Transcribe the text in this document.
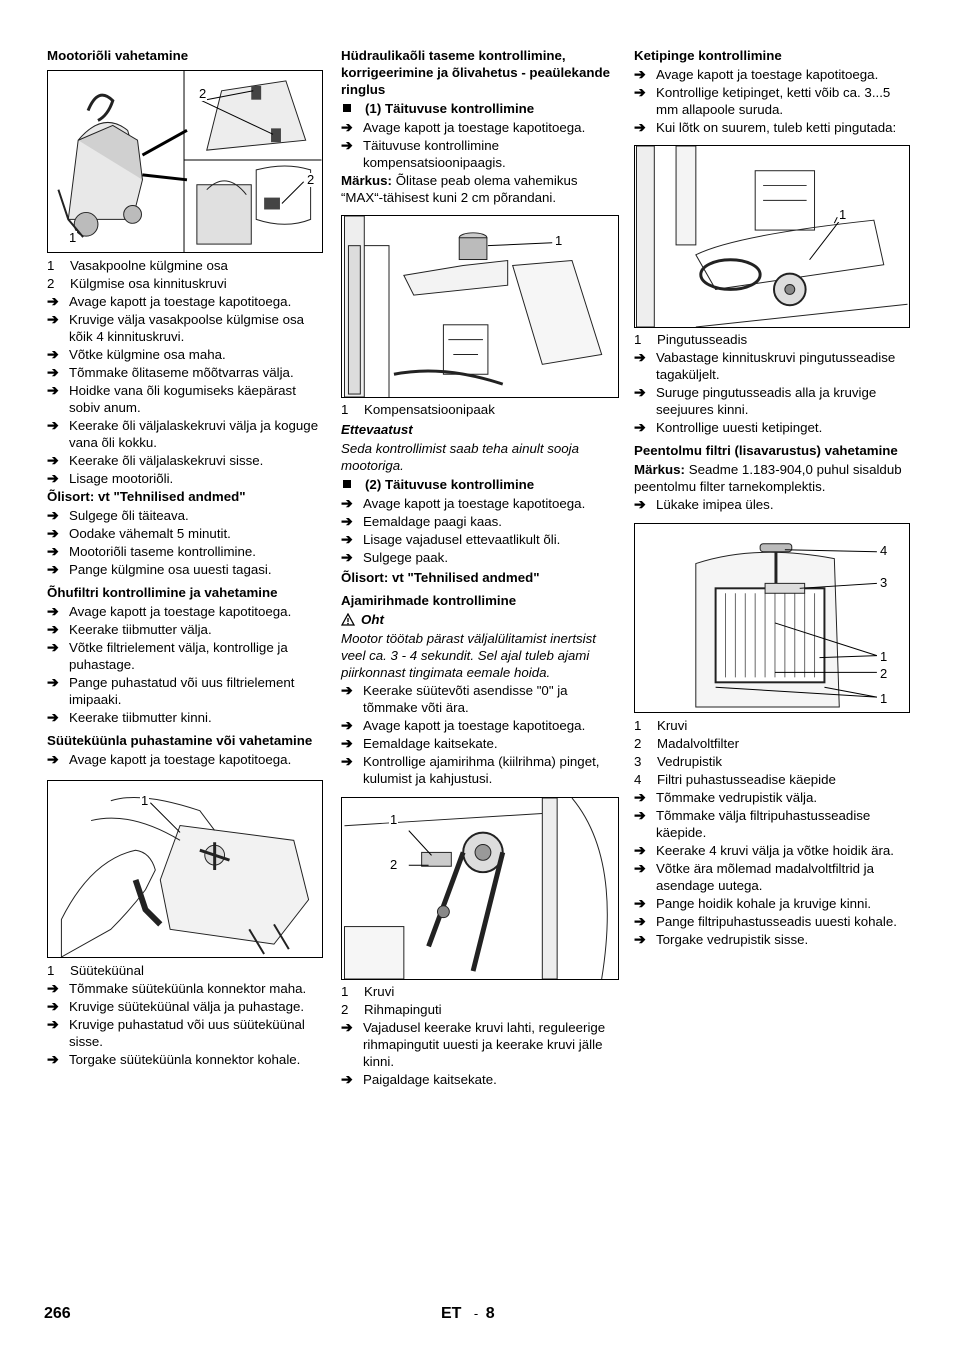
Mootoriõli vahetamine
2
2
1
1	Vasakpoolne külgmine osa
2	Külgmise osa kinnituskruvi
➔ Avage kapott ja toestage kapotitoega.
➔ Kruvige välja vasakpoolse külgmise osa kõik 4 kinnituskruvi.
➔ Võtke külgmine osa maha.
➔ Tõmmake õlitaseme mõõtvarras välja.
➔ Hoidke vana õli kogumiseks käepärast sobiv anum.
➔ Keerake õli väljalaskekruvi välja ja koguge vana õli kokku.
➔ Keerake õli väljalaskekruvi sisse.
➔ Lisage mootoriõli.
Õlisort: vt "Tehnilised andmed"
➔ Sulgege õli täiteava.
➔ Oodake vähemalt 5 minutit.
➔ Mootoriõli taseme kontrollimine.
➔ Pange külgmine osa uuesti tagasi.
Õhufiltri kontrollimine ja vahetamine
➔ Avage kapott ja toestage kapotitoega.
➔ Keerake tiibmutter välja.
➔ Võtke filtrielement välja, kontrollige ja puhastage.
➔ Pange puhastatud või uus filtrielement imipaaki.
➔ Keerake tiibmutter kinni.
Süüteküünla puhastamine või vahetamine
➔ Avage kapott ja toestage kapotitoega.
1
1	Süüteküünal
➔ Tõmmake süüteküünla konnektor maha.
➔ Kruvige süüteküünal välja ja puhastage.
➔ Kruvige puhastatud või uus süüteküünal sisse.
➔ Torgake süüteküünla konnektor kohale.
Hüdraulikaõli taseme kontrollimine, korrigeerimine ja õlivahetus - peaülekande ringlus
(1) Täituvuse kontrollimine
➔ Avage kapott ja toestage kapotitoega.
➔ Täituvuse kontrollimine kompensatsioonipaagis.
Märkus: Õlitase peab olema vahemikus “MAX“-tähisest kuni 2 cm põrandani.
1
1	Kompensatsioonipaak
Ettevaatust
Seda kontrollimist saab teha ainult sooja mootoriga.
(2) Täituvuse kontrollimine
➔ Avage kapott ja toestage kapotitoega.
➔ Eemaldage paagi kaas.
➔ Lisage vajadusel ettevaatlikult õli.
➔ Sulgege paak.
Õlisort: vt "Tehnilised andmed"
Ajamirihmade kontrollimine
Oht
Mootor töötab pärast väljalülitamist inertsist veel ca. 3 - 4 sekundit. Sel ajal tuleb ajami piirkonnast tingimata eemale hoida.
➔ Keerake süütevõti asendisse "0" ja tõmmake võti ära.
➔ Avage kapott ja toestage kapotitoega.
➔ Eemaldage kaitsekate.
➔ Kontrollige ajamirihma (kiilrihma) pinget, kulumist ja kahjustusi.
1
2
1	Kruvi
2	Rihmapinguti
➔ Vajadusel keerake kruvi lahti, reguleerige rihmapingutit uuesti ja keerake kruvi jälle kinni.
➔ Paigaldage kaitsekate.
Ketipinge kontrollimine
➔ Avage kapott ja toestage kapotitoega.
➔ Kontrollige ketipinget, ketti võib ca. 3...5 mm allapoole suruda.
➔ Kui lõtk on suurem, tuleb ketti pingutada:
1
1	Pingutusseadis
➔ Vabastage kinnituskruvi pingutusseadise tagaküljelt.
➔ Suruge pingutusseadis alla ja kruvige seejuures kinni.
➔ Kontrollige uuesti ketipinget.
Peentolmu filtri (lisavarustus) vahetamine
Märkus: Seadme 1.183-904,0 puhul sisaldub peentolmu filter tarnekomplektis.
➔ Lükake imipea üles.
4
3
1
2
1
1	Kruvi
2	Madalvoltfilter
3	Vedrupistik
4	Filtri puhastusseadise käepide
➔ Tõmmake vedrupistik välja.
➔ Tõmmake välja filtripuhastusseadise käepide.
➔ Keerake 4 kruvi välja ja võtke hoidik ära.
➔ Võtke ära mõlemad madalvoltfiltrid ja asendage uutega.
➔ Pange hoidik kohale ja kruvige kinni.
➔ Pange filtripuhastusseadis uuesti kohale.
➔ Torgake vedrupistik sisse.
266	ET - 8
